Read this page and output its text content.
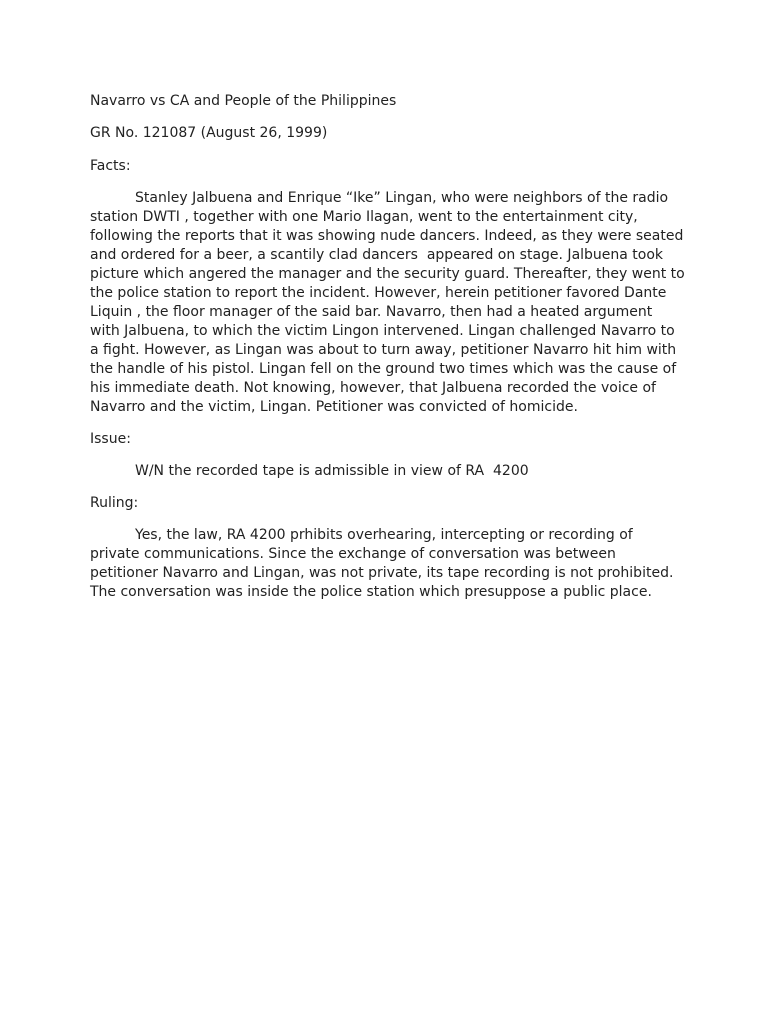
Navarro vs CA and People of the Philippines
GR No. 121087 (August 26, 1999)
Facts:
Stanley Jalbuena and Enrique “Ike” Lingan, who were neighbors of the radio
station DWTI , together with one Mario Ilagan, went to the entertainment city,
following the reports that it was showing nude dancers. Indeed, as they were seated
and ordered for a beer, a scantily clad dancers  appeared on stage. Jalbuena took
picture which angered the manager and the security guard. Thereafter, they went to
the police station to report the incident. However, herein petitioner favored Dante
Liquin , the floor manager of the said bar. Navarro, then had a heated argument
with Jalbuena, to which the victim Lingon intervened. Lingan challenged Navarro to
a fight. However, as Lingan was about to turn away, petitioner Navarro hit him with
the handle of his pistol. Lingan fell on the ground two times which was the cause of
his immediate death. Not knowing, however, that Jalbuena recorded the voice of
Navarro and the victim, Lingan. Petitioner was convicted of homicide.
Issue:
W/N the recorded tape is admissible in view of RA  4200
Ruling:
Yes, the law, RA 4200 prhibits overhearing, intercepting or recording of
private communications. Since the exchange of conversation was between
petitioner Navarro and Lingan, was not private, its tape recording is not prohibited.
The conversation was inside the police station which presuppose a public place.
